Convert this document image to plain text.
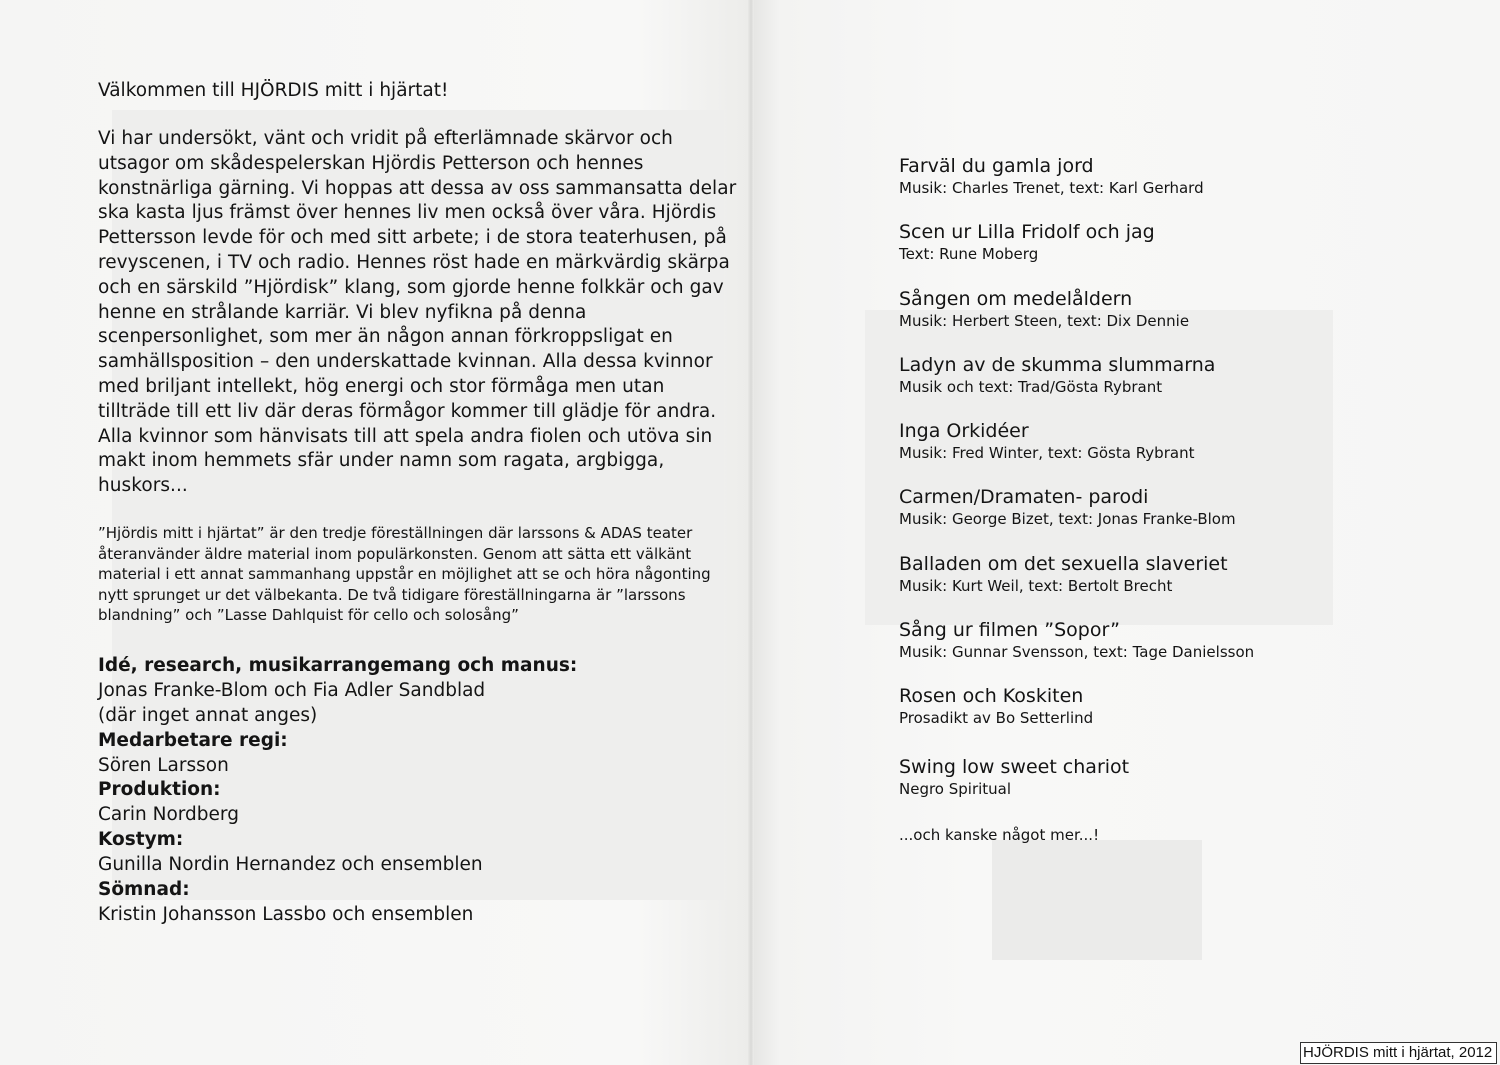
Välkommen till HJÖRDIS mitt i hjärtat!

Vi har undersökt, vänt och vridit på efterlämnade skärvor och utsagor om skådespelerskan Hjördis Petterson och hennes konstnärliga gärning. Vi hoppas att dessa av oss sammansatta delar ska kasta ljus främst över hennes liv men också över våra. Hjördis Pettersson levde för och med sitt arbete; i de stora teaterhusen, på revyscenen, i TV och radio. Hennes röst hade en märkvärdig skärpa och en särskild ”Hjördisk” klang, som gjorde henne folkkär och gav henne en strålande karriär. Vi blev nyfikna på denna scenpersonlighet, som mer än någon annan förkroppsligat en samhällsposition – den underskattade kvinnan. Alla dessa kvinnor med briljant intellekt, hög energi och stor förmåga men utan tillträde till ett liv där deras förmågor kommer till glädje för andra. Alla kvinnor som hänvisats till att spela andra fiolen och utöva sin makt inom hemmets sfär under namn som ragata, argbigga, huskors...

”Hjördis mitt i hjärtat” är den tredje föreställningen där larssons & ADAS teater återanvänder äldre material inom populärkonsten. Genom att sätta ett välkänt material i ett annat sammanhang uppstår en möjlighet att se och höra någonting nytt sprunget ur det välbekanta. De två tidigare föreställningarna är ”larssons blandning” och ”Lasse Dahlquist för cello och solosång”

Idé, research, musikarrangemang och manus:
Jonas Franke-Blom och Fia Adler Sandblad
(där inget annat anges)
Medarbetare regi:
Sören Larsson
Produktion:
Carin Nordberg
Kostym:
Gunilla Nordin Hernandez och ensemblen
Sömnad:
Kristin Johansson Lassbo och ensemblen
Farväl du gamla jord
Musik: Charles Trenet, text: Karl Gerhard
Scen ur Lilla Fridolf och jag
Text: Rune Moberg
Sången om medelåldern
Musik: Herbert Steen, text: Dix Dennie
Ladyn av de skumma slummarna
Musik och text: Trad/Gösta Rybrant
Inga Orkidéer
Musik: Fred Winter, text: Gösta Rybrant
Carmen/Dramaten- parodi
Musik: George Bizet, text: Jonas Franke-Blom
Balladen om det sexuella slaveriet
Musik: Kurt Weil, text: Bertolt Brecht
Sång ur filmen ”Sopor”
Musik: Gunnar Svensson, text: Tage Danielsson
Rosen och Koskiten
Prosadikt av Bo Setterlind
Swing low sweet chariot
Negro Spiritual
...och kanske något mer...!
HJÖRDIS mitt i hjärtat, 2012
